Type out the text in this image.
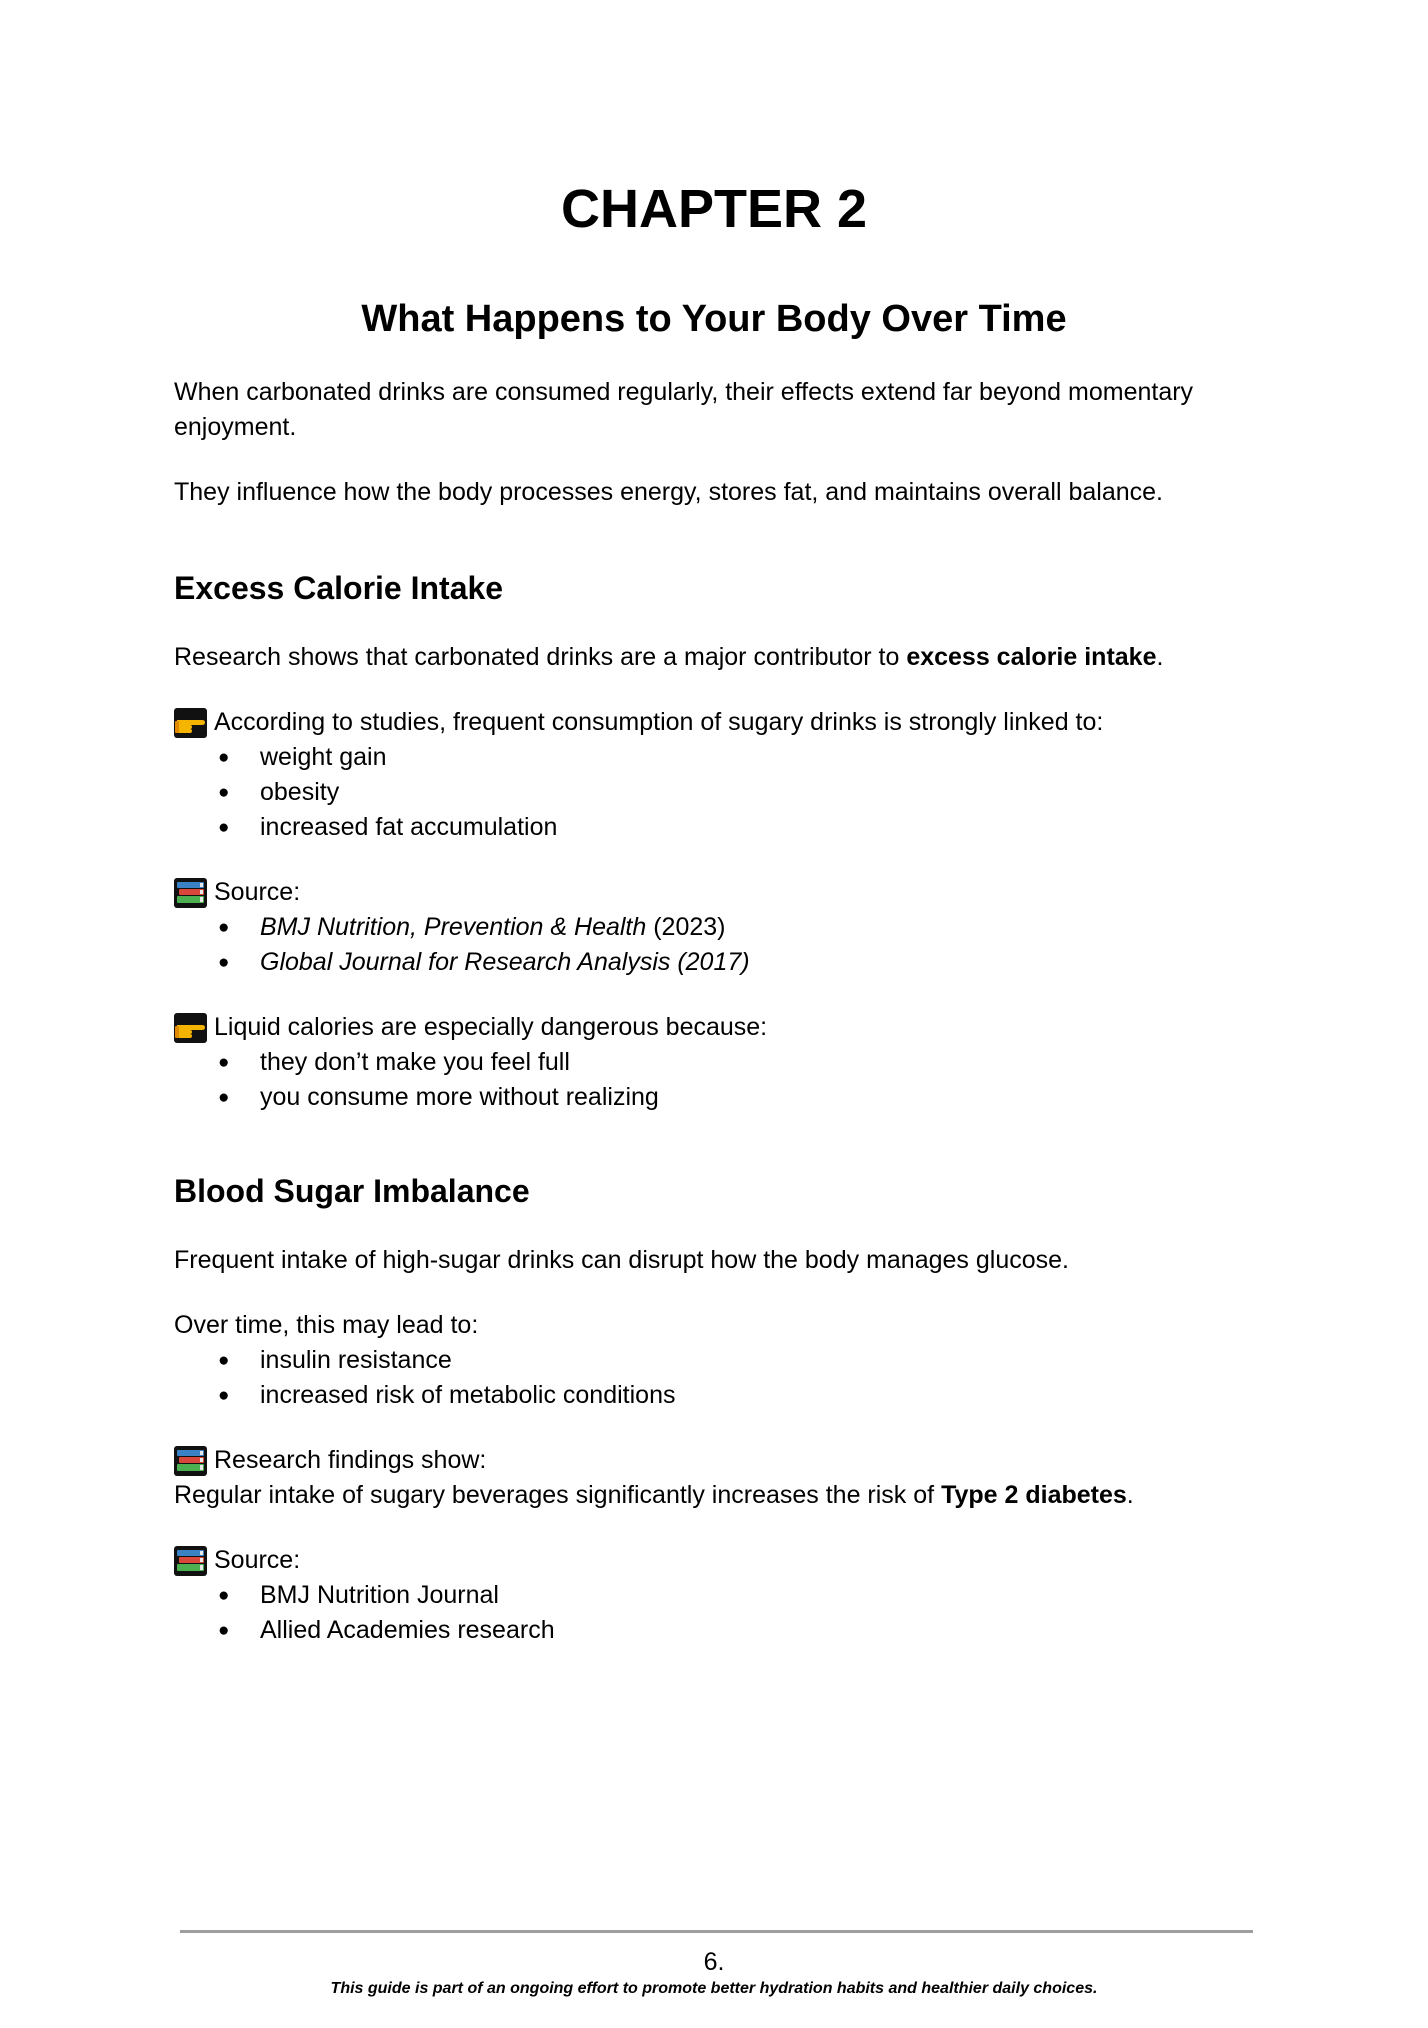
CHAPTER 2
What Happens to Your Body Over Time
When carbonated drinks are consumed regularly, their effects extend far beyond momentary
enjoyment.
They influence how the body processes energy, stores fat, and maintains overall balance.
Excess Calorie Intake
Research shows that carbonated drinks are a major contributor to excess calorie intake.
According to studies, frequent consumption of sugary drinks is strongly linked to:
● weight gain
● obesity
● increased fat accumulation
Source:
● BMJ Nutrition, Prevention & Health (2023)
● Global Journal for Research Analysis (2017)
Liquid calories are especially dangerous because:
● they don’t make you feel full
● you consume more without realizing
Blood Sugar Imbalance
Frequent intake of high-sugar drinks can disrupt how the body manages glucose.
Over time, this may lead to:
● insulin resistance
● increased risk of metabolic conditions
Research findings show:
Regular intake of sugary beverages significantly increases the risk of Type 2 diabetes.
Source:
● BMJ Nutrition Journal
● Allied Academies research
6.
This guide is part of an ongoing effort to promote better hydration habits and healthier daily choices.
